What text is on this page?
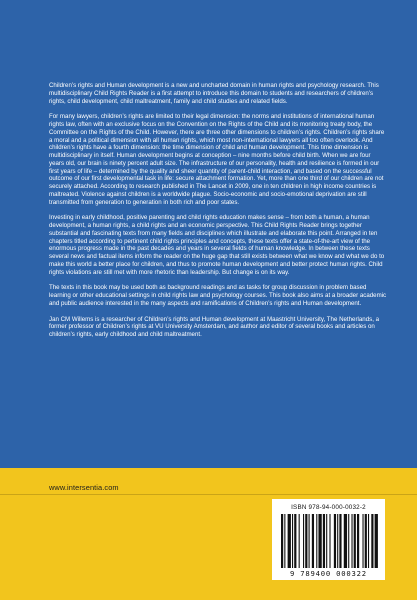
Children’s rights and Human development is a new and uncharted domain in human rights and psychology research. This multidisciplinary Child Rights Reader is a first attempt to introduce this domain to students and researchers of children’s rights, child development, child maltreatment, family and child studies and related fields.

For many lawyers, children’s rights are limited to their legal dimension: the norms and institutions of international human rights law, often with an exclusive focus on the Convention on the Rights of the Child and its monitoring treaty body, the Committee on the Rights of the Child. However, there are three other dimensions to children’s rights. Children’s rights share a moral and a political dimension with all human rights, which most non-international lawyers all too often overlook. And children’s rights have a fourth dimension: the time dimension of child and human development. This time dimension is multidisciplinary in itself. Human development begins at conception – nine months before child birth. When we are four years old, our brain is ninety percent adult size. The infrastructure of our personality, health and resilience is formed in our first years of life – determined by the quality and sheer quantity of parent-child interaction, and based on the successful outcome of our first developmental task in life: secure attachment formation. Yet, more than one third of our children are not securely attached. According to research published in The Lancet in 2009, one in ten children in high income countries is maltreated. Violence against children is a worldwide plague. Socio-economic and socio-emotional deprivation are still transmitted from generation to generation in both rich and poor states.

Investing in early childhood, positive parenting and child rights education makes sense – from both a human, a human development, a human rights, a child rights and an economic perspective. This Child Rights Reader brings together substantial and fascinating texts from many fields and disciplines which illustrate and elaborate this point. Arranged in ten chapters titled according to pertinent child rights principles and concepts, these texts offer a state-of-the-art view of the enormous progress made in the past decades and years in several fields of human knowledge. In between these texts several news and factual items inform the reader on the huge gap that still exists between what we know and what we do to make this world a better place for children, and thus to promote human development and better protect human rights. Child rights violations are still met with more rhetoric than leadership. But change is on its way.

The texts in this book may be used both as background readings and as tasks for group discussion in problem based learning or other educational settings in child rights law and psychology courses. This book also aims at a broader academic and public audience interested in the many aspects and ramifications of Children’s rights and Human development.

Jan CM Willems is a researcher of Children’s rights and Human development at Maastricht University, The Netherlands, a former professor of Children’s rights at VU University Amsterdam, and author and editor of several books and articles on children’s rights, early childhood and child maltreatment.

www.intersentia.com
ISBN 978-94-000-0032-2
9 789400 000322
